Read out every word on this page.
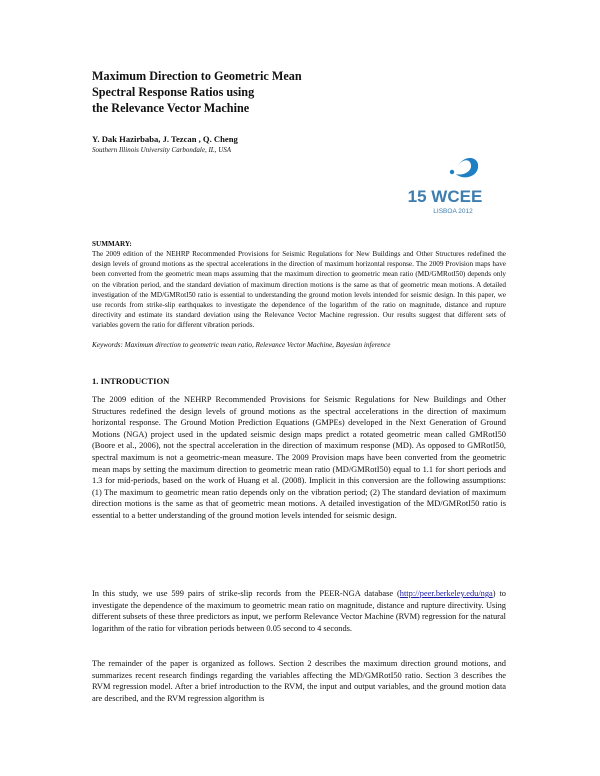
Maximum Direction to Geometric Mean
Spectral Response Ratios using
the Relevance Vector Machine
Y. Dak Hazirbaba, J. Tezcan , Q. Cheng
Southern Illinois University Carbondale, IL, USA
15 WCEE
LISBOA 2012
SUMMARY:
The 2009 edition of the NEHRP Recommended Provisions for Seismic Regulations for New Buildings and Other Structures redefined the design levels of ground motions as the spectral accelerations in the direction of maximum horizontal response. The 2009 Provision maps have been converted from the geometric mean maps assuming that the maximum direction to geometric mean ratio (MD/GMRotI50) depends only on the vibration period, and the standard deviation of maximum direction motions is the same as that of geometric mean motions. A detailed investigation of the MD/GMRotI50 ratio is essential to understanding the ground motion levels intended for seismic design. In this paper, we use records from strike-slip earthquakes to investigate the dependence of the logarithm of the ratio on magnitude, distance and rupture directivity and estimate its standard deviation using the Relevance Vector Machine regression. Our results suggest that different sets of variables govern the ratio for different vibration periods.
Keywords: Maximum direction to geometric mean ratio, Relevance Vector Machine, Bayesian inference
1. INTRODUCTION
The 2009 edition of the NEHRP Recommended Provisions for Seismic Regulations for New Buildings and Other Structures redefined the design levels of ground motions as the spectral accelerations in the direction of maximum horizontal response. The Ground Motion Prediction Equations (GMPEs) developed in the Next Generation of Ground Motions (NGA) project used in the updated seismic design maps predict a rotated geometric mean called GMRotI50 (Boore et al., 2006), not the spectral acceleration in the direction of maximum response (MD). As opposed to GMRotI50, spectral maximum is not a geometric-mean measure. The 2009 Provision maps have been converted from the geometric mean maps by setting the maximum direction to geometric mean ratio (MD/GMRotI50) equal to 1.1 for short periods and 1.3 for mid-periods, based on the work of Huang et al. (2008). Implicit in this conversion are the following assumptions: (1) The maximum to geometric mean ratio depends only on the vibration period; (2) The standard deviation of maximum direction motions is the same as that of geometric mean motions. A detailed investigation of the MD/GMRotI50 ratio is essential to a better understanding of the ground motion levels intended for seismic design.
In this study, we use 599 pairs of strike-slip records from the PEER-NGA database (http://peer.berkeley.edu/nga) to investigate the dependence of the maximum to geometric mean ratio on magnitude, distance and rupture directivity. Using different subsets of these three predictors as input, we perform Relevance Vector Machine (RVM) regression for the natural logarithm of the ratio for vibration periods between 0.05 second to 4 seconds.
The remainder of the paper is organized as follows. Section 2 describes the maximum direction ground motions, and summarizes recent research findings regarding the variables affecting the MD/GMRotI50 ratio. Section 3 describes the RVM regression model. After a brief introduction to the RVM, the input and output variables, and the ground motion data are described, and the RVM regression algorithm is
